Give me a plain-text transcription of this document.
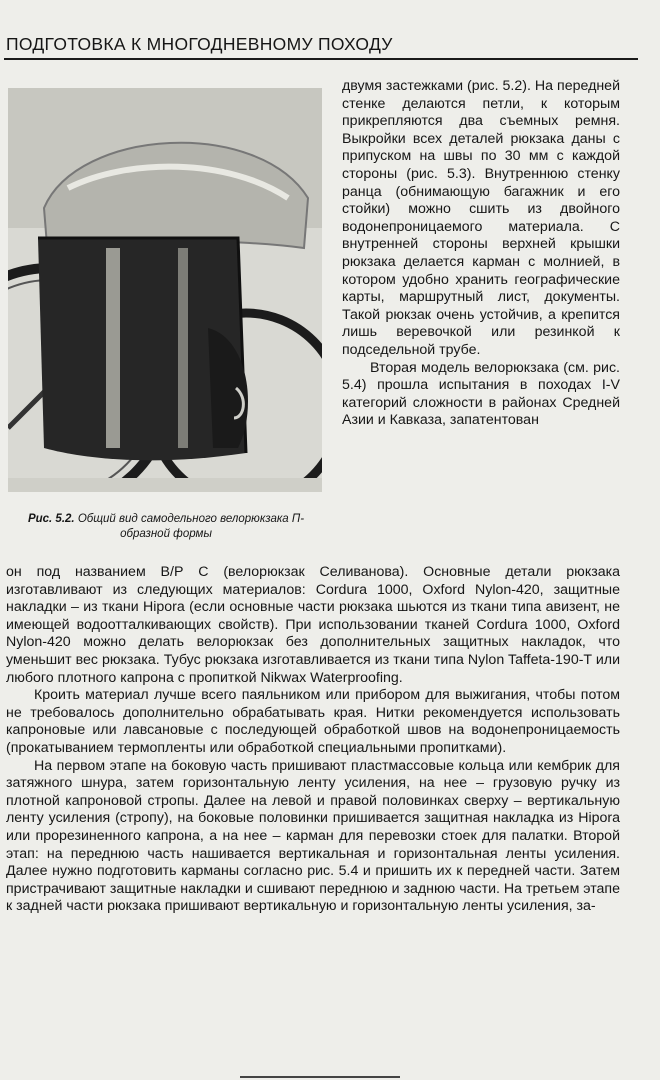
ПОДГОТОВКА К МНОГОДНЕВНОМУ ПОХОДУ
Рис. 5.2. Общий вид самодельного велорюкзака П-образной формы

двумя застежками (рис. 5.2). На передней стенке делаются петли, к которым прикрепляются два съемных ремня. Выкройки всех деталей рюкзака даны с припуском на швы по 30 мм с каждой стороны (рис. 5.3). Внутреннюю стенку ранца (обнимающую багажник и его стойки) можно сшить из двойного водонепроницаемого материала. С внутренней стороны верхней крышки рюкзака делается карман с молнией, в котором удобно хранить географические карты, маршрутный лист, документы. Такой рюкзак очень устойчив, а крепится лишь веревочкой или резинкой к подседельной трубе.

Вторая модель велорюкзака (см. рис. 5.4) прошла испытания в походах I-V категорий сложности в районах Средней Азии и Кавказа, запатентован

он под названием В/Р С (велорюкзак Селиванова). Основные детали рюкзака изготавливают из следующих материалов: Cordura 1000, Oxford Nylon-420, защитные накладки – из ткани Hipora (если основные части рюкзака шьются из ткани типа авизент, не имеющей водоотталкивающих свойств). При использовании тканей Cordura 1000, Oxford Nylon-420 можно делать велорюкзак без дополнительных защитных накладок, что уменьшит вес рюкзака. Тубус рюкзака изготавливается из ткани типа Nylon Taffeta-190-T или любого плотного капрона с пропиткой Nikwax Waterproofing.

Кроить материал лучше всего паяльником или прибором для выжигания, чтобы потом не требовалось дополнительно обрабатывать края. Нитки рекомендуется использовать капроновые или лавсановые с последующей обработкой швов на водонепроницаемость (прокатыванием термопленты или обработкой специальными пропитками).

На первом этапе на боковую часть пришивают пластмассовые кольца или кембрик для затяжного шнура, затем горизонтальную ленту усиления, на нее – грузовую ручку из плотной капроновой стропы. Далее на левой и правой половинках сверху – вертикальную ленту усиления (стропу), на боковые половинки пришивается защитная накладка из Hipora или прорезиненного капрона, а на нее – карман для перевозки стоек для палатки. Второй этап: на переднюю часть нашивается вертикальная и горизонтальная ленты усиления. Далее нужно подготовить карманы согласно рис. 5.4 и пришить их к передней части. Затем пристрачивают защитные накладки и сшивают переднюю и заднюю части. На третьем этапе к задней части рюкзака пришивают вертикальную и горизонтальную ленты усиления, за-
